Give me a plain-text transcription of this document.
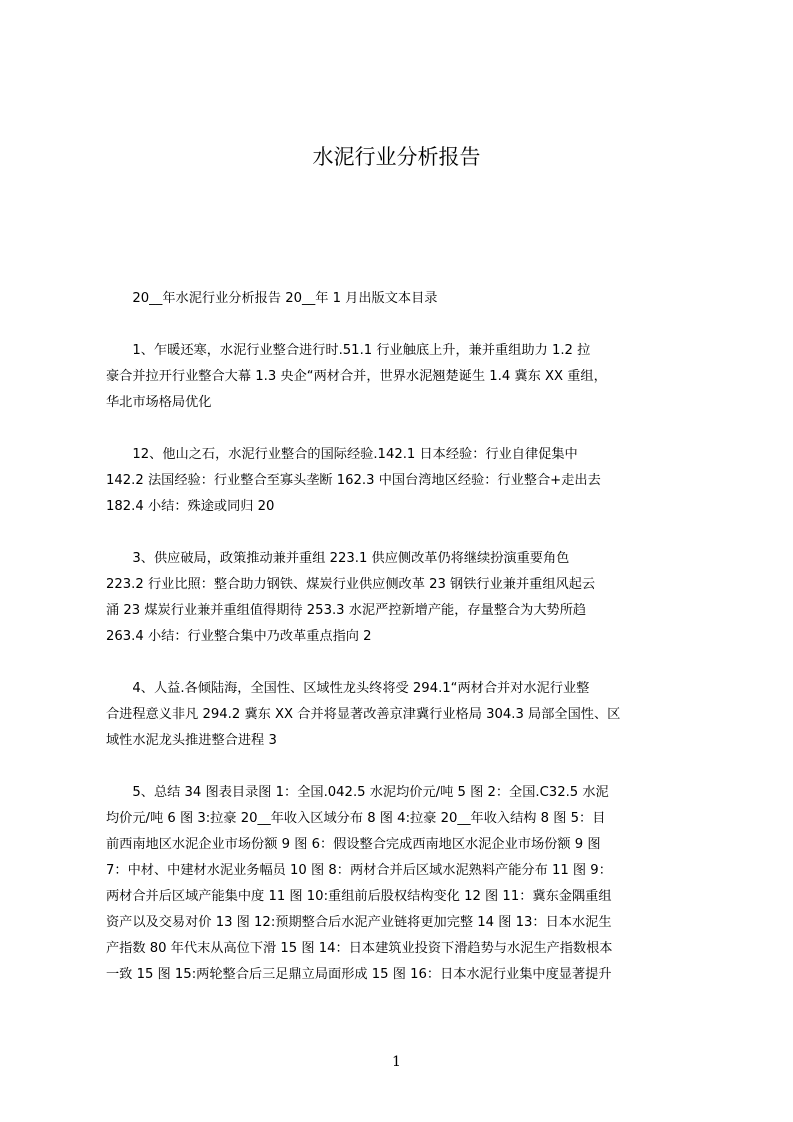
水泥行业分析报告

20__年水泥行业分析报告 20__年 1 月出版文本目录

1、乍暖还寒，水泥行业整合进行时.51.1 行业触底上升，兼并重组助力 1.2 拉
豪合并拉开行业整合大幕 1.3 央企“两材合并，世界水泥翘楚诞生 1.4 冀东 XX 重组，
华北市场格局优化

12、他山之石，水泥行业整合的国际经验.142.1 日本经验：行业自律促集中
142.2 法国经验：行业整合至寡头垄断 162.3 中国台湾地区经验：行业整合+走出去
182.4 小结：殊途或同归 20

3、供应破局，政策推动兼并重组 223.1 供应侧改革仍将继续扮演重要角色
223.2 行业比照：整合助力钢铁、煤炭行业供应侧改革 23 钢铁行业兼并重组风起云
涌 23 煤炭行业兼并重组值得期待 253.3 水泥严控新增产能，存量整合为大势所趋
263.4 小结：行业整合集中乃改革重点指向 2

4、人益.各倾陆海，全国性、区域性龙头终将受 294.1“两材合并对水泥行业整
合进程意义非凡 294.2 冀东 XX 合并将显著改善京津冀行业格局 304.3 局部全国性、区
域性水泥龙头推进整合进程 3

5、总结 34 图表目录图 1：全国.042.5 水泥均价元/吨 5 图 2：全国.C32.5 水泥
均价元/吨 6 图 3:拉豪 20__年收入区域分布 8 图 4:拉豪 20__年收入结构 8 图 5：目
前西南地区水泥企业市场份额 9 图 6：假设整合完成西南地区水泥企业市场份额 9 图
7：中材、中建材水泥业务幅员 10 图 8：两材合并后区域水泥熟料产能分布 11 图 9：
两材合并后区域产能集中度 11 图 10:重组前后股权结构变化 12 图 11：冀东金隅重组
资产以及交易对价 13 图 12:预期整合后水泥产业链将更加完整 14 图 13：日本水泥生
产指数 80 年代末从高位下滑 15 图 14：日本建筑业投资下滑趋势与水泥生产指数根本
一致 15 图 15:两轮整合后三足鼎立局面形成 15 图 16：日本水泥行业集中度显著提升

1
